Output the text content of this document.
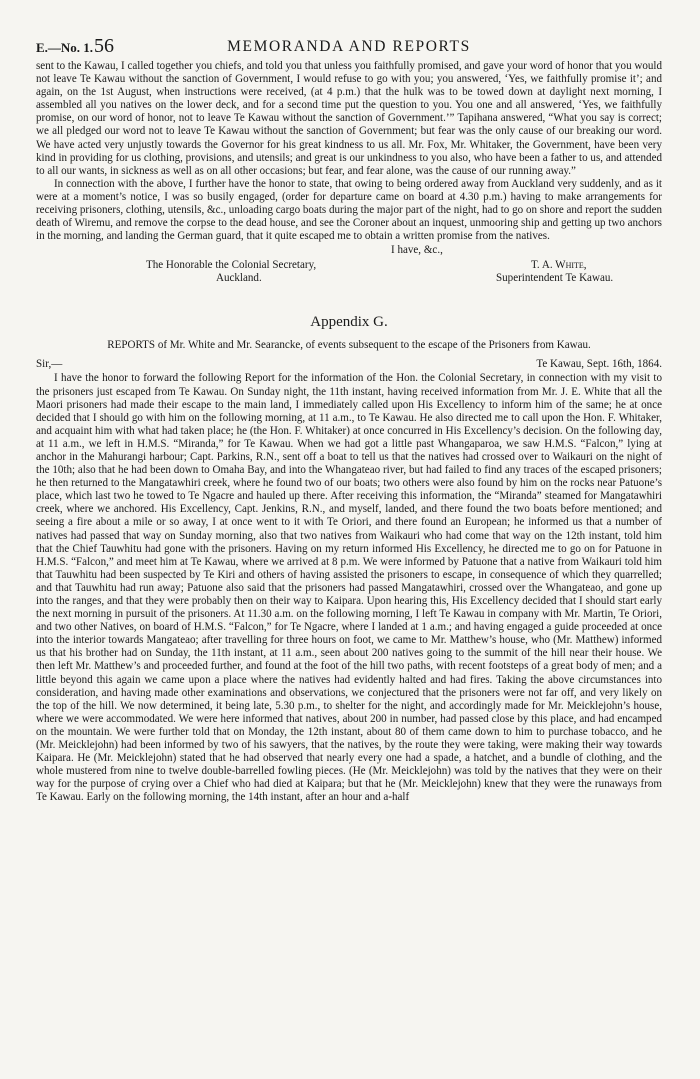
E.—No. 1. 56	MEMORANDA AND REPORTS

sent to the Kawau, I called together you chiefs, and told you that unless you faithfully promised, and gave your word of honor that you would not leave Te Kawau without the sanction of Government, I would refuse to go with you; you answered, ‘Yes, we faithfully promise it’; and again, on the 1st August, when instructions were received, (at 4 p.m.) that the hulk was to be towed down at daylight next morning, I assembled all you natives on the lower deck, and for a second time put the question to you. You one and all answered, ‘Yes, we faithfully promise, on our word of honor, not to leave Te Kawau without the sanction of Government.’” Tapihana answered, “What you say is correct; we all pledged our word not to leave Te Kawau without the sanction of Government; but fear was the only cause of our breaking our word. We have acted very unjustly towards the Governor for his great kindness to us all. Mr. Fox, Mr. Whitaker, the Government, have been very kind in providing for us clothing, provisions, and utensils; and great is our unkindness to you also, who have been a father to us, and attended to all our wants, in sickness as well as on all other occasions; but fear, and fear alone, was the cause of our running away.”

In connection with the above, I further have the honor to state, that owing to being ordered away from Auckland very suddenly, and as it were at a moment’s notice, I was so busily engaged, (order for departure came on board at 4.30 p.m.) having to make arrangements for receiving prisoners, clothing, utensils, &c., unloading cargo boats during the major part of the night, had to go on shore and report the sudden death of Wiremu, and remove the corpse to the dead house, and see the Coroner about an inquest, unmooring ship and getting up two anchors in the morning, and landing the German guard, that it quite escaped me to obtain a written promise from the natives.

I have, &c.,
The Honorable the Colonial Secretary,
Auckland.
T. A. White,
Superintendent Te Kawau.
Appendix G.

REPORTS of Mr. White and Mr. Searancke, of events subsequent to the escape of the Prisoners from Kawau.

Sir,—	Te Kawau, Sept. 16th, 1864.

I have the honor to forward the following Report for the information of the Hon. the Colonial Secretary, in connection with my visit to the prisoners just escaped from Te Kawau. On Sunday night, the 11th instant, having received information from Mr. J. E. White that all the Maori prisoners had made their escape to the main land, I immediately called upon His Excellency to inform him of the same; he at once decided that I should go with him on the following morning, at 11 a.m., to Te Kawau. He also directed me to call upon the Hon. F. Whitaker, and acquaint him with what had taken place; he (the Hon. F. Whitaker) at once concurred in His Excellency’s decision. On the following day, at 11 a.m., we left in H.M.S. “Miranda,” for Te Kawau. When we had got a little past Whangaparoa, we saw H.M.S. “Falcon,” lying at anchor in the Mahurangi harbour; Capt. Parkins, R.N., sent off a boat to tell us that the natives had crossed over to Waikauri on the night of the 10th; also that he had been down to Omaha Bay, and into the Whangateao river, but had failed to find any traces of the escaped prisoners; he then returned to the Mangatawhiri creek, where he found two of our boats; two others were also found by him on the rocks near Patuone’s place, which last two he towed to Te Ngacre and hauled up there. After receiving this information, the “Miranda” steamed for Mangatawhiri creek, where we anchored. His Excellency, Capt. Jenkins, R.N., and myself, landed, and there found the two boats before mentioned; and seeing a fire about a mile or so away, I at once went to it with Te Oriori, and there found an European; he informed us that a number of natives had passed that way on Sunday morning, also that two natives from Waikauri who had come that way on the 12th instant, told him that the Chief Tauwhitu had gone with the prisoners. Having on my return informed His Excellency, he directed me to go on for Patuone in H.M.S. “Falcon,” and meet him at Te Kawau, where we arrived at 8 p.m. We were informed by Patuone that a native from Waikauri told him that Tauwhitu had been suspected by Te Kiri and others of having assisted the prisoners to escape, in consequence of which they quarrelled; and that Tauwhitu had run away; Patuone also said that the prisoners had passed Mangatawhiri, crossed over the Whangateao, and gone up into the ranges, and that they were probably then on their way to Kaipara. Upon hearing this, His Excellency decided that I should start early the next morning in pursuit of the prisoners. At 11.30 a.m. on the following morning, I left Te Kawau in company with Mr. Martin, Te Oriori, and two other Natives, on board of H.M.S. “Falcon,” for Te Ngacre, where I landed at 1 a.m.; and having engaged a guide proceeded at once into the interior towards Mangateao; after travelling for three hours on foot, we came to Mr. Matthew’s house, who (Mr. Matthew) informed us that his brother had on Sunday, the 11th instant, at 11 a.m., seen about 200 natives going to the summit of the hill near their house. We then left Mr. Matthew’s and proceeded further, and found at the foot of the hill two paths, with recent footsteps of a great body of men; and a little beyond this again we came upon a place where the natives had evidently halted and had fires. Taking the above circumstances into consideration, and having made other examinations and observations, we conjectured that the prisoners were not far off, and very likely on the top of the hill. We now determined, it being late, 5.30 p.m., to shelter for the night, and accordingly made for Mr. Meicklejohn’s house, where we were accommodated. We were here informed that natives, about 200 in number, had passed close by this place, and had encamped on the mountain. We were further told that on Monday, the 12th instant, about 80 of them came down to him to purchase tobacco, and he (Mr. Meicklejohn) had been informed by two of his sawyers, that the natives, by the route they were taking, were making their way towards Kaipara. He (Mr. Meicklejohn) stated that he had observed that nearly every one had a spade, a hatchet, and a bundle of clothing, and the whole mustered from nine to twelve double-barrelled fowling pieces. (He (Mr. Meicklejohn) was told by the natives that they were on their way for the purpose of crying over a Chief who had died at Kaipara; but that he (Mr. Meicklejohn) knew that they were the runaways from Te Kawau. Early on the following morning, the 14th instant, after an hour and a-half
